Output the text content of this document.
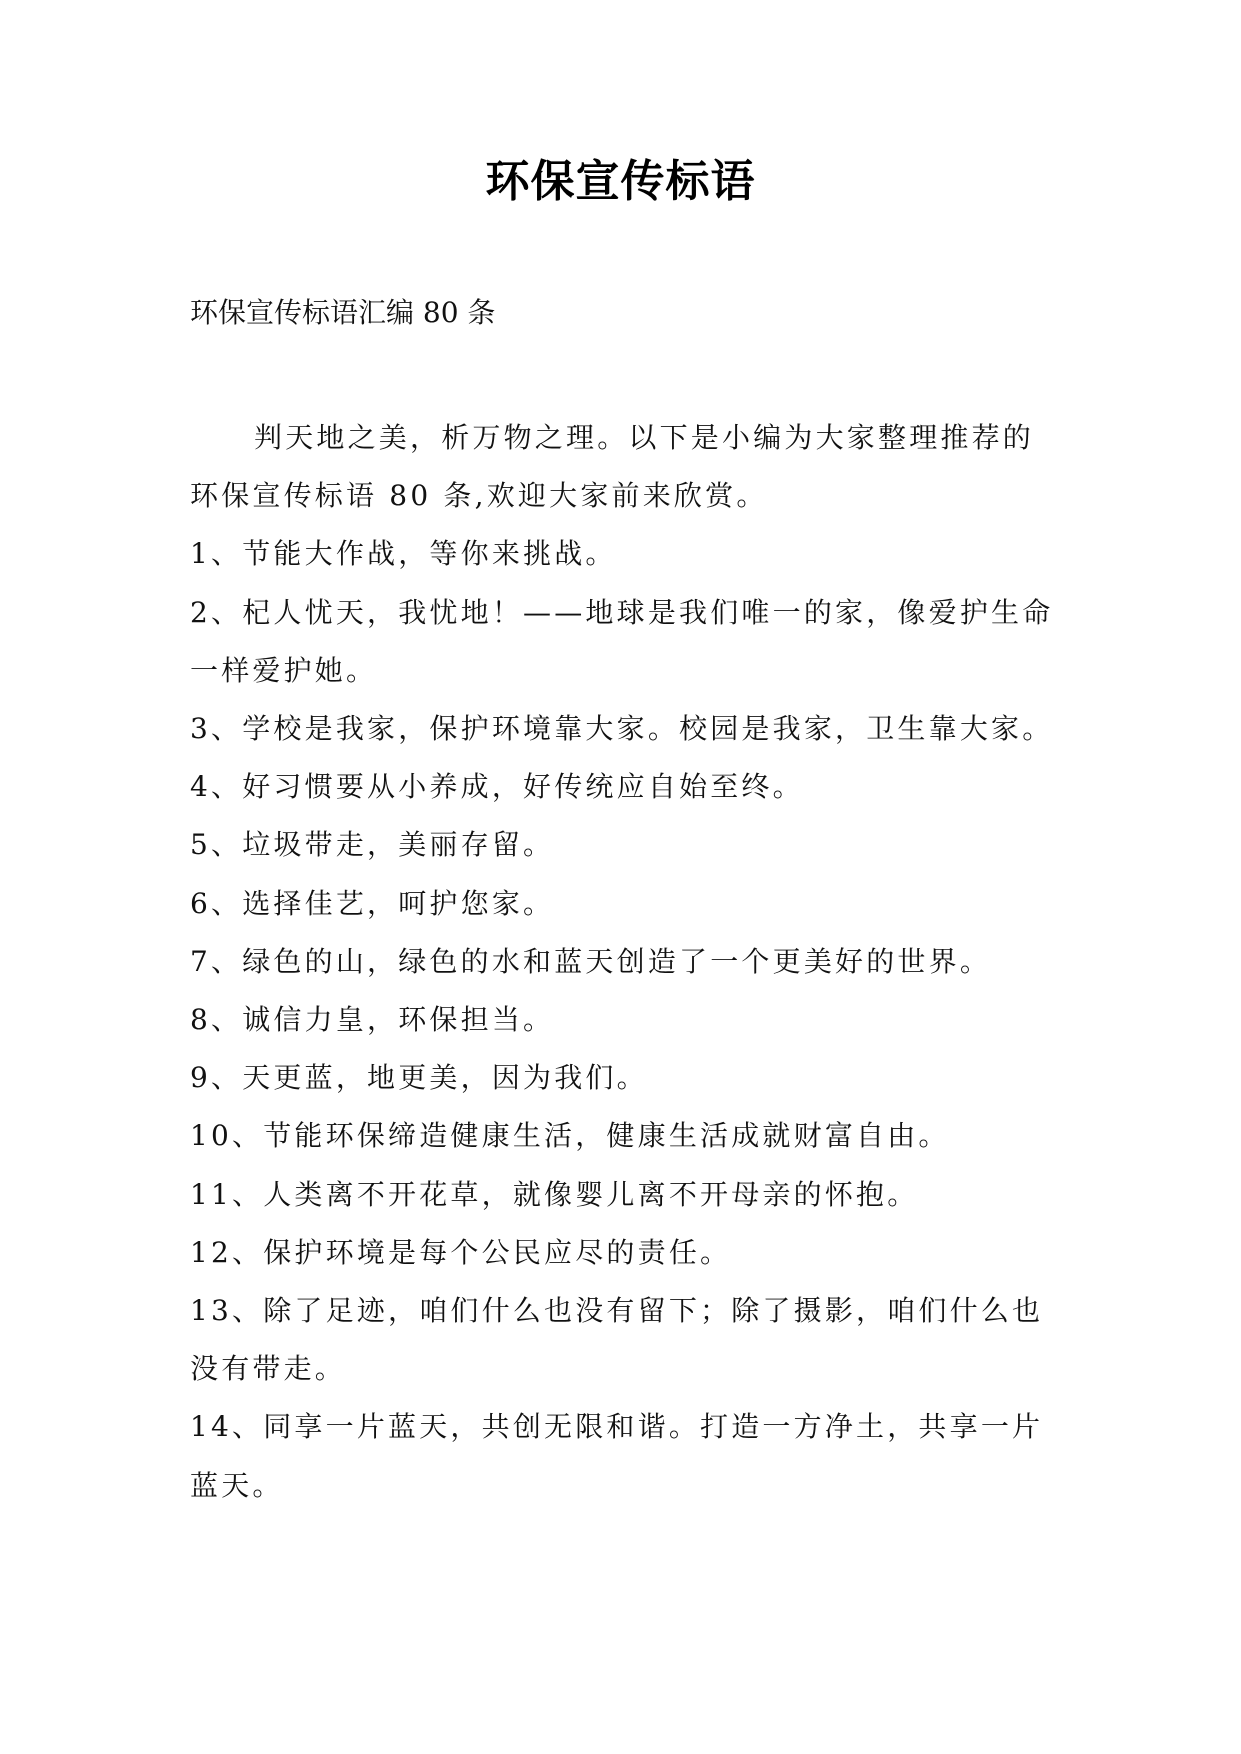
环保宣传标语
环保宣传标语汇编 80 条

判天地之美，析万物之理。以下是小编为大家整理推荐的环保宣传标语 80 条,欢迎大家前来欣赏。

1、节能大作战，等你来挑战。

2、杞人忧天，我忧地！——地球是我们唯一的家，像爱护生命一样爱护她。

3、学校是我家，保护环境靠大家。校园是我家，卫生靠大家。

4、好习惯要从小养成，好传统应自始至终。

5、垃圾带走，美丽存留。

6、选择佳艺，呵护您家。

7、绿色的山，绿色的水和蓝天创造了一个更美好的世界。

8、诚信力皇，环保担当。

9、天更蓝，地更美，因为我们。

10、节能环保缔造健康生活，健康生活成就财富自由。

11、人类离不开花草，就像婴儿离不开母亲的怀抱。

12、保护环境是每个公民应尽的责任。

13、除了足迹，咱们什么也没有留下；除了摄影，咱们什么也没有带走。

14、同享一片蓝天，共创无限和谐。打造一方净土，共享一片蓝天。
